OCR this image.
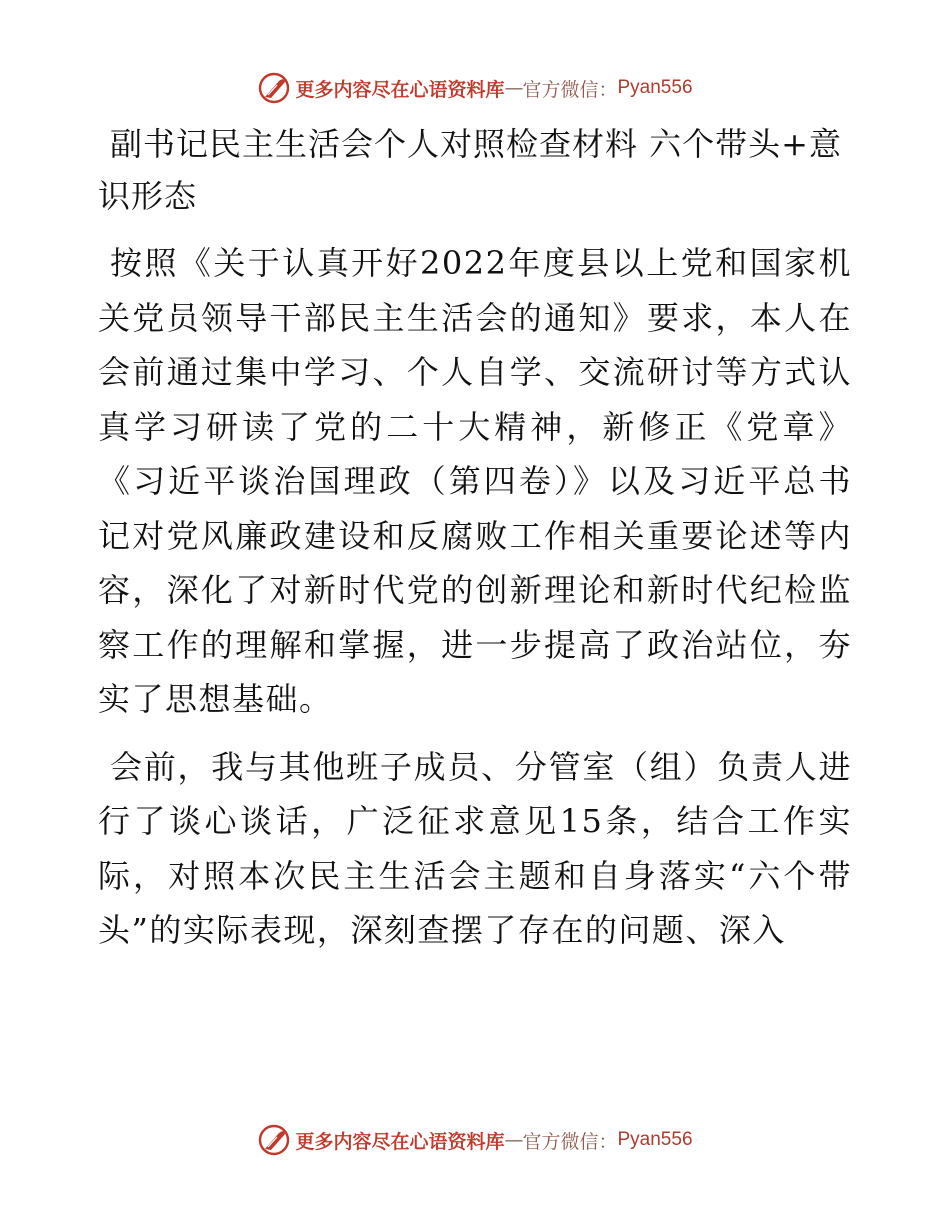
更多内容尽在心语资料库 — 官方微信： Pyan556
副书记民主生活会个人对照检查材料 六个带头+意识形态

按照《关于认真开好2022年度县以上党和国家机关党员领导干部民主生活会的通知》要求，本人在会前通过集中学习、个人自学、交流研讨等方式认真学习研读了党的二十大精神，新修正《党章》《习近平谈治国理政（第四卷）》以及习近平总书记对党风廉政建设和反腐败工作相关重要论述等内容，深化了对新时代党的创新理论和新时代纪检监察工作的理解和掌握，进一步提高了政治站位，夯实了思想基础。

会前，我与其他班子成员、分管室（组）负责人进行了谈心谈话，广泛征求意见15条，结合工作实际，对照本次民主生活会主题和自身落实“六个带头”的实际表现，深刻查摆了存在的问题、深入

更多内容尽在心语资料库 — 官方微信： Pyan556
